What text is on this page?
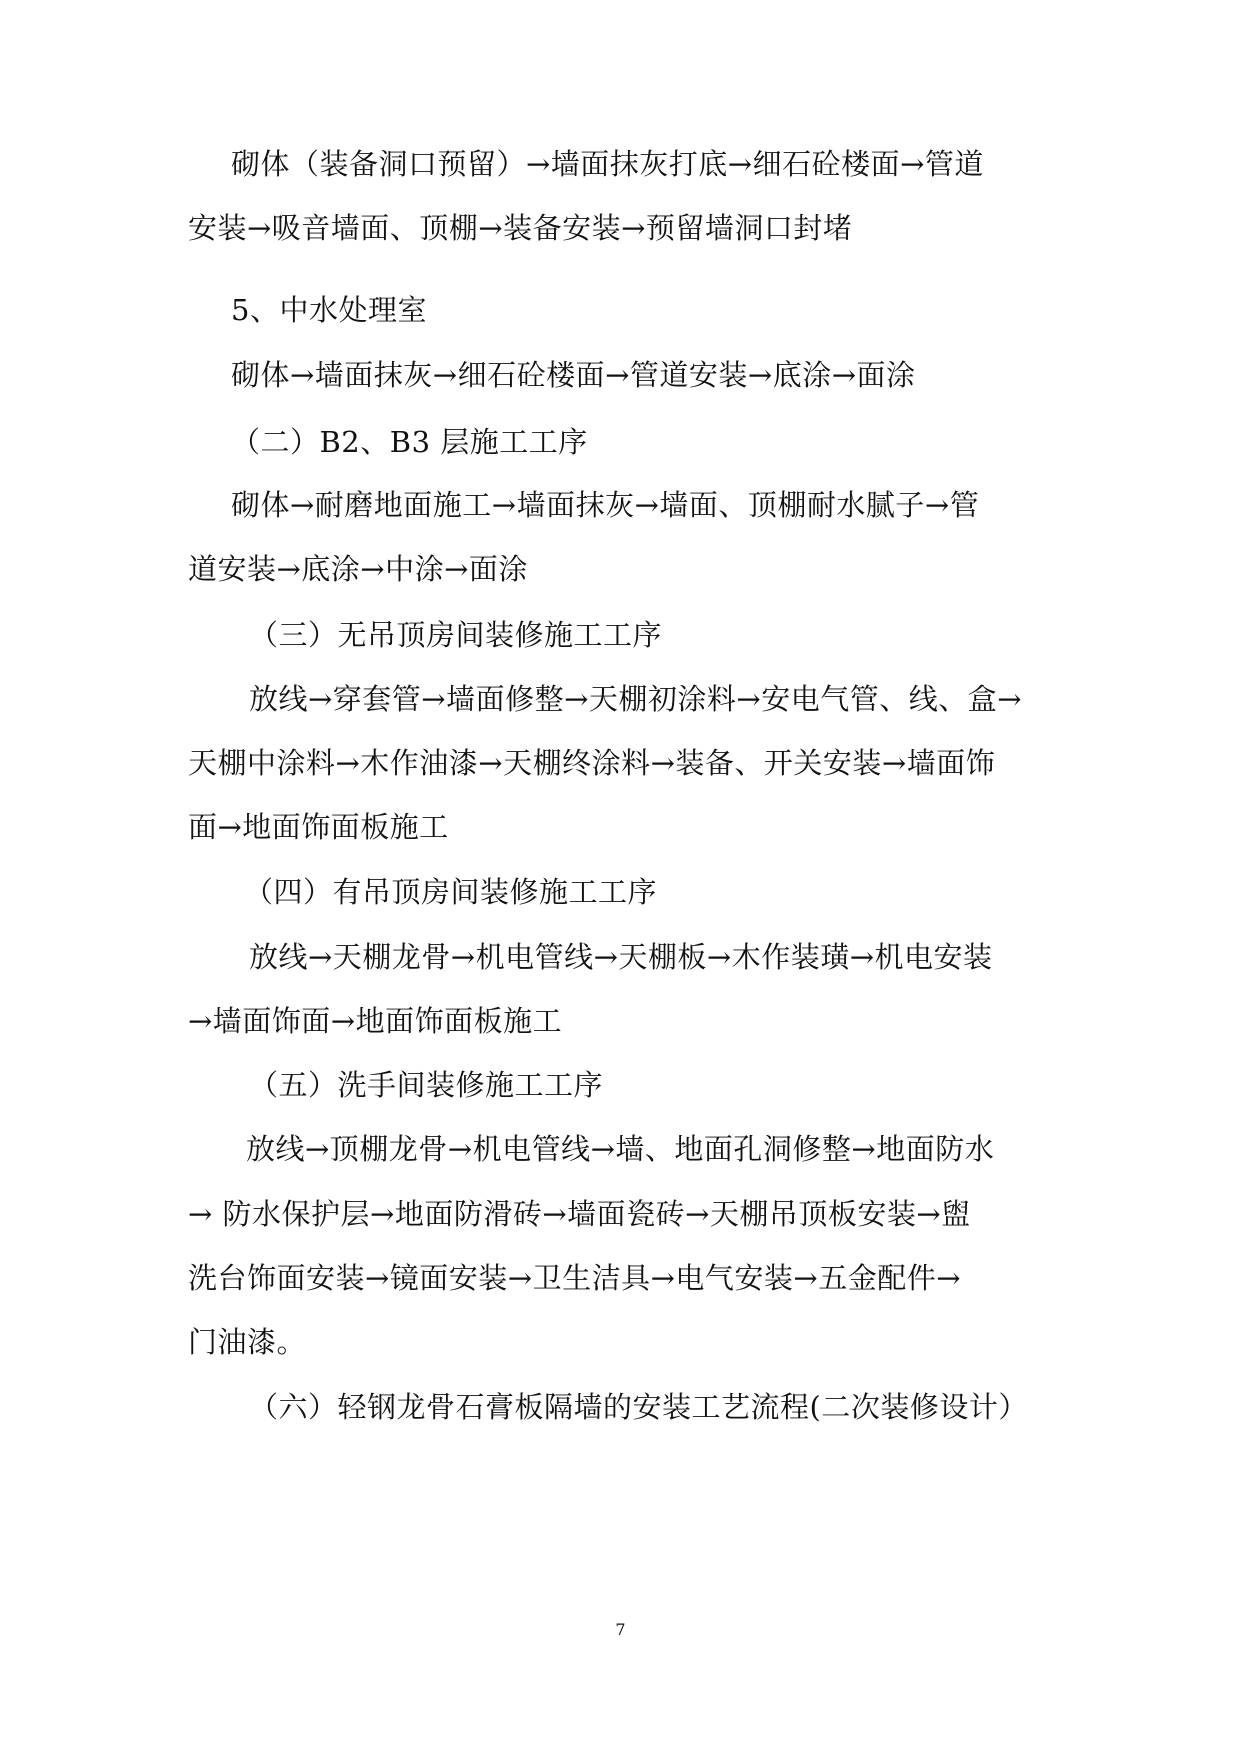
砌体（装备洞口预留）→墙面抹灰打底→细石砼楼面→管道
安装→吸音墙面、顶棚→装备安装→预留墙洞口封堵
5、中水处理室
砌体→墙面抹灰→细石砼楼面→管道安装→底涂→面涂
（二）B2、B3 层施工工序
砌体→耐磨地面施工→墙面抹灰→墙面、顶棚耐水腻子→管
道安装→底涂→中涂→面涂
（三）无吊顶房间装修施工工序
放线→穿套管→墙面修整→天棚初涂料→安电气管、线、盒→
天棚中涂料→木作油漆→天棚终涂料→装备、开关安装→墙面饰
面→地面饰面板施工
（四）有吊顶房间装修施工工序
放线→天棚龙骨→机电管线→天棚板→木作装璜→机电安装
→墙面饰面→地面饰面板施工
（五）洗手间装修施工工序
放线→顶棚龙骨→机电管线→墙、地面孔洞修整→地面防水
→ 防水保护层→地面防滑砖→墙面瓷砖→天棚吊顶板安装→盥
洗台饰面安装→镜面安装→卫生洁具→电气安装→五金配件→
门油漆。
（六）轻钢龙骨石膏板隔墙的安装工艺流程(二次装修设计）
7
